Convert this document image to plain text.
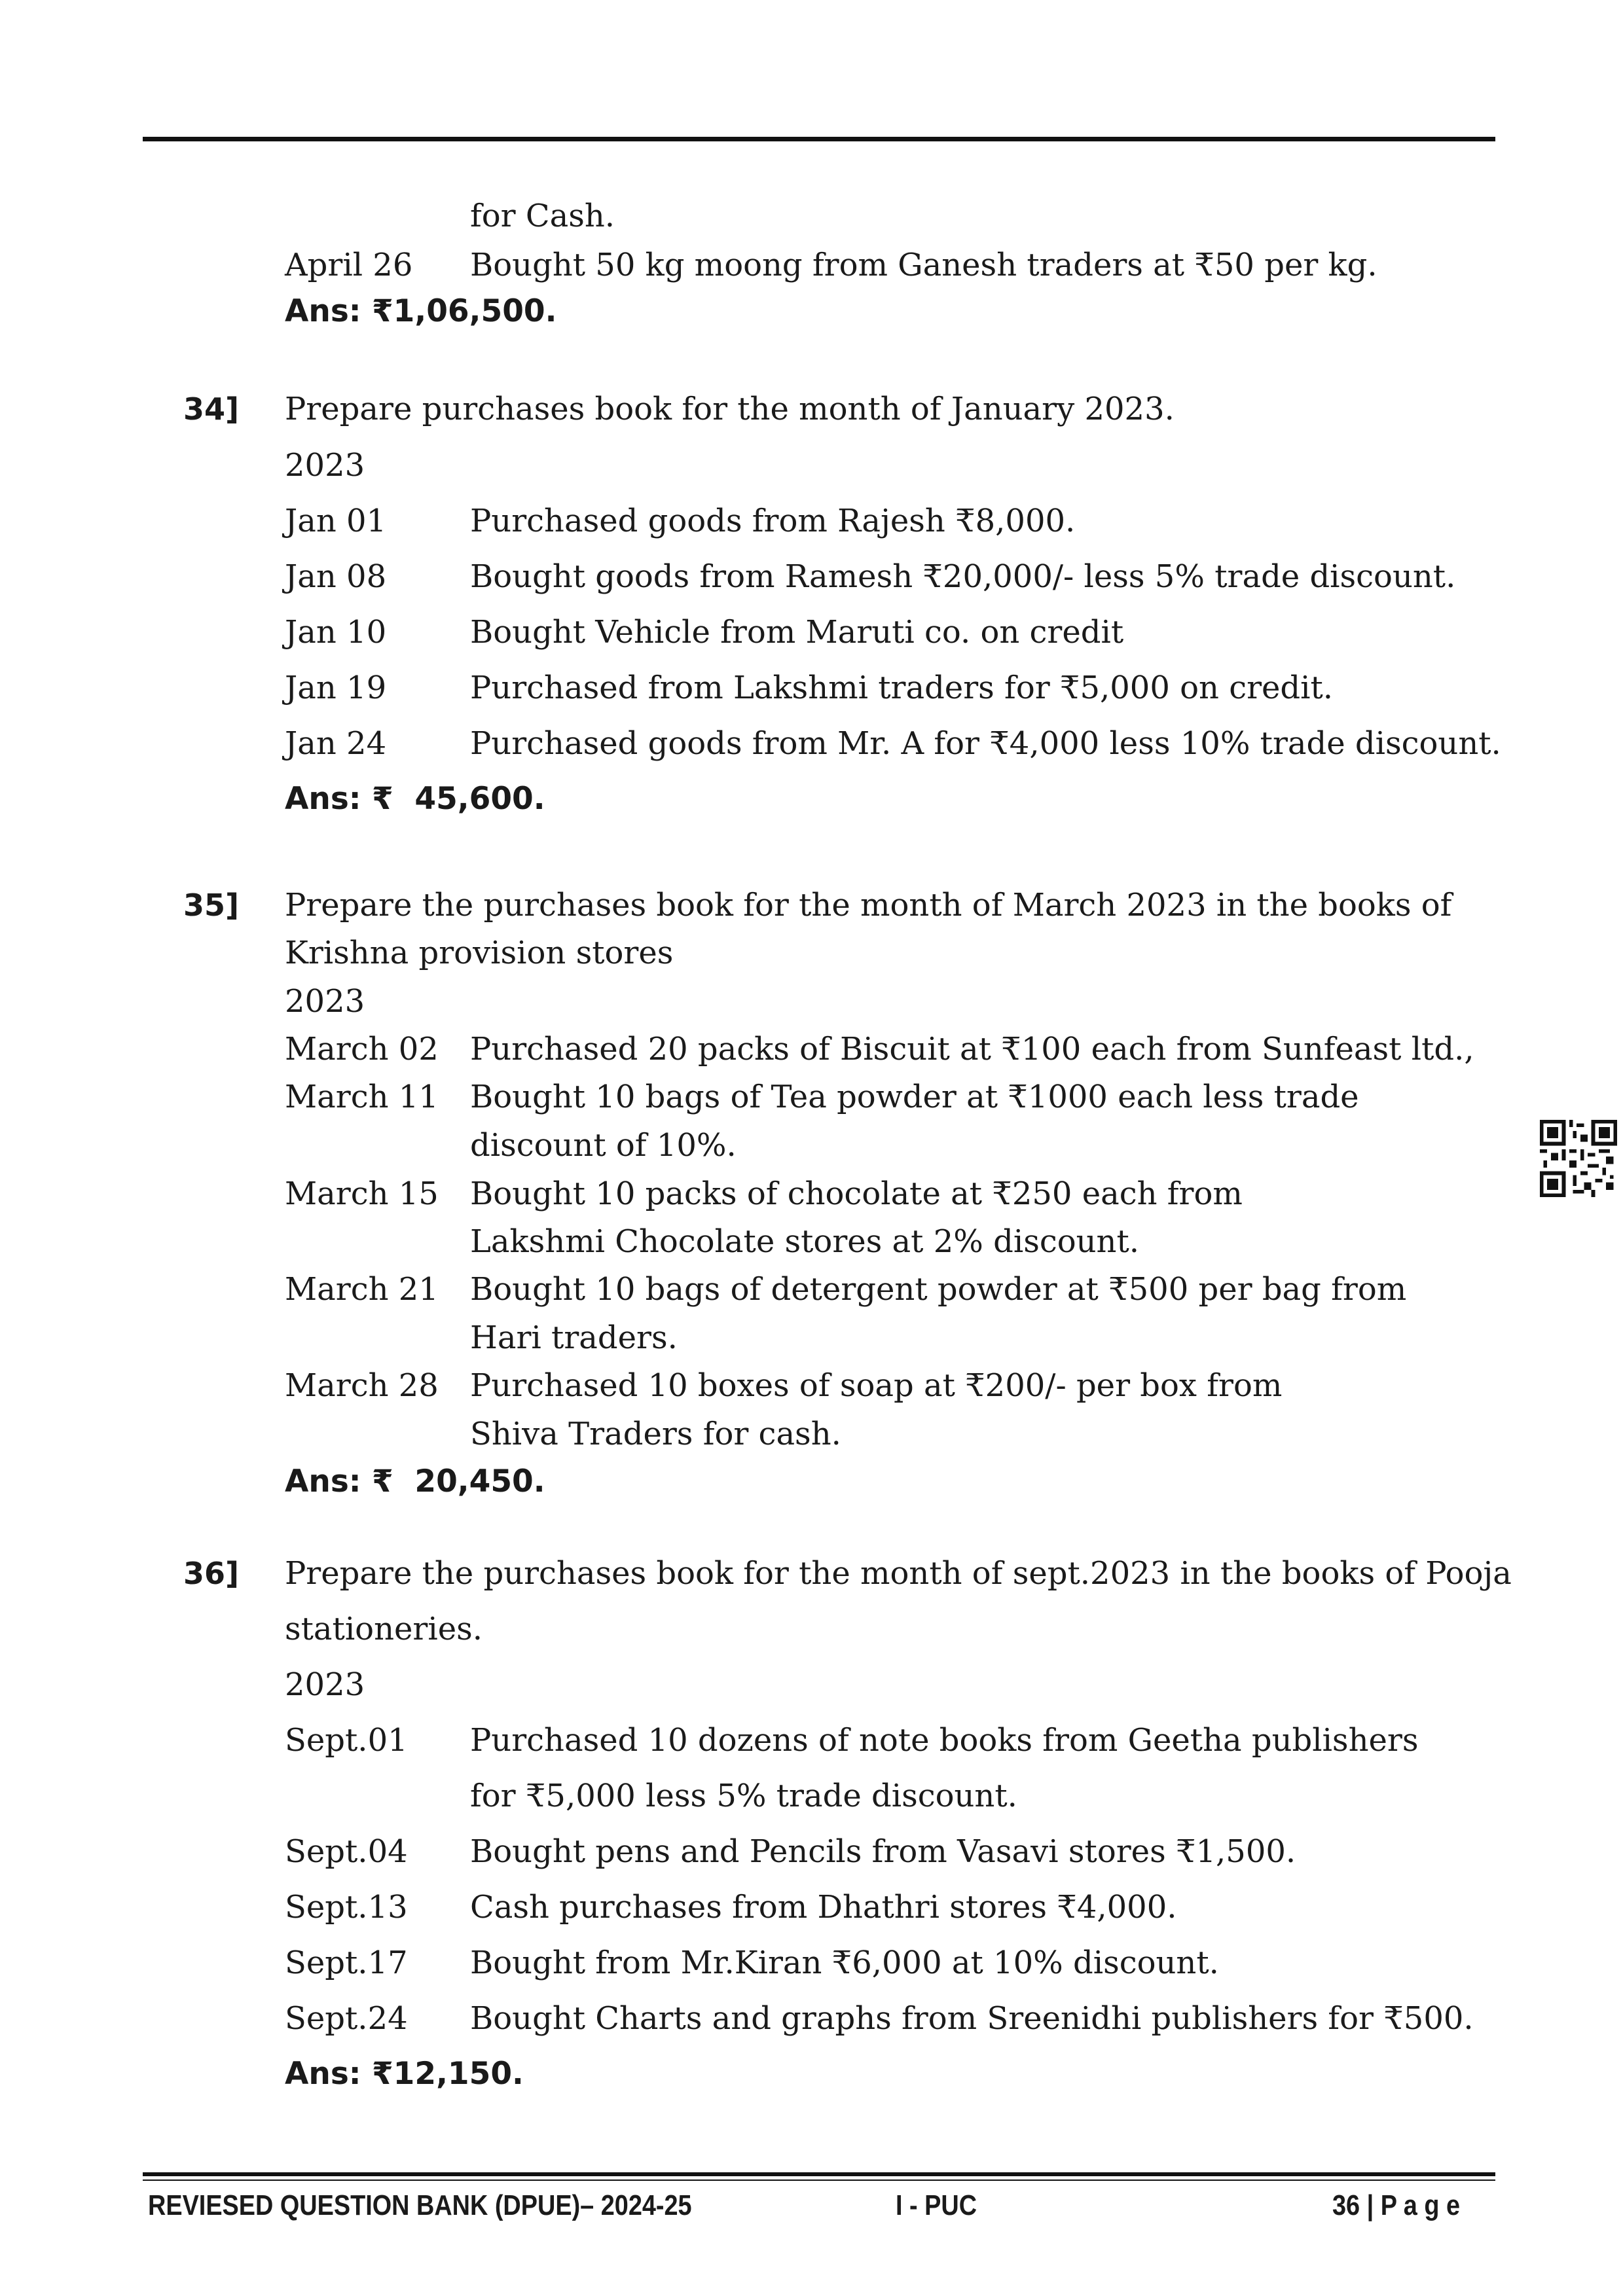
for Cash.
April 26 Bought 50 kg moong from Ganesh traders at ₹50 per kg.
Ans: ₹1,06,500.
34] Prepare purchases book for the month of January 2023.
2023
Jan 01	Purchased goods from Rajesh ₹8,000.
Jan 08	Bought goods from Ramesh ₹20,000/- less 5% trade discount.
Jan 10	Bought Vehicle from Maruti co. on credit
Jan 19	Purchased from Lakshmi traders for ₹5,000 on credit.
Jan 24	Purchased goods from Mr. A for ₹4,000 less 10% trade discount.
Ans: ₹  45,600.
35] Prepare the purchases book for the month of March 2023 in the books of
Krishna provision stores
2023
March 02 Purchased 20 packs of Biscuit at ₹100 each from Sunfeast ltd.,
March 11 Bought 10 bags of Tea powder at ₹1000 each less trade
discount of 10%.
March 15 Bought 10 packs of chocolate at ₹250 each from
Lakshmi Chocolate stores at 2% discount.
March 21 Bought 10 bags of detergent powder at ₹500 per bag from
Hari traders.
March 28 Purchased 10 boxes of soap at ₹200/- per box from
Shiva Traders for cash.
Ans: ₹  20,450.
36] Prepare the purchases book for the month of sept.2023 in the books of Pooja
stationeries.
2023
Sept.01 Purchased 10 dozens of note books from Geetha publishers
for ₹5,000 less 5% trade discount.
Sept.04 Bought pens and Pencils from Vasavi stores ₹1,500.
Sept.13 Cash purchases from Dhathri stores ₹4,000.
Sept.17 Bought from Mr.Kiran ₹6,000 at 10% discount.
Sept.24 Bought Charts and graphs from Sreenidhi publishers for ₹500.
Ans: ₹12,150.
REVIESED QUESTION BANK (DPUE)– 2024-25	I - PUC	36 | P a g e
